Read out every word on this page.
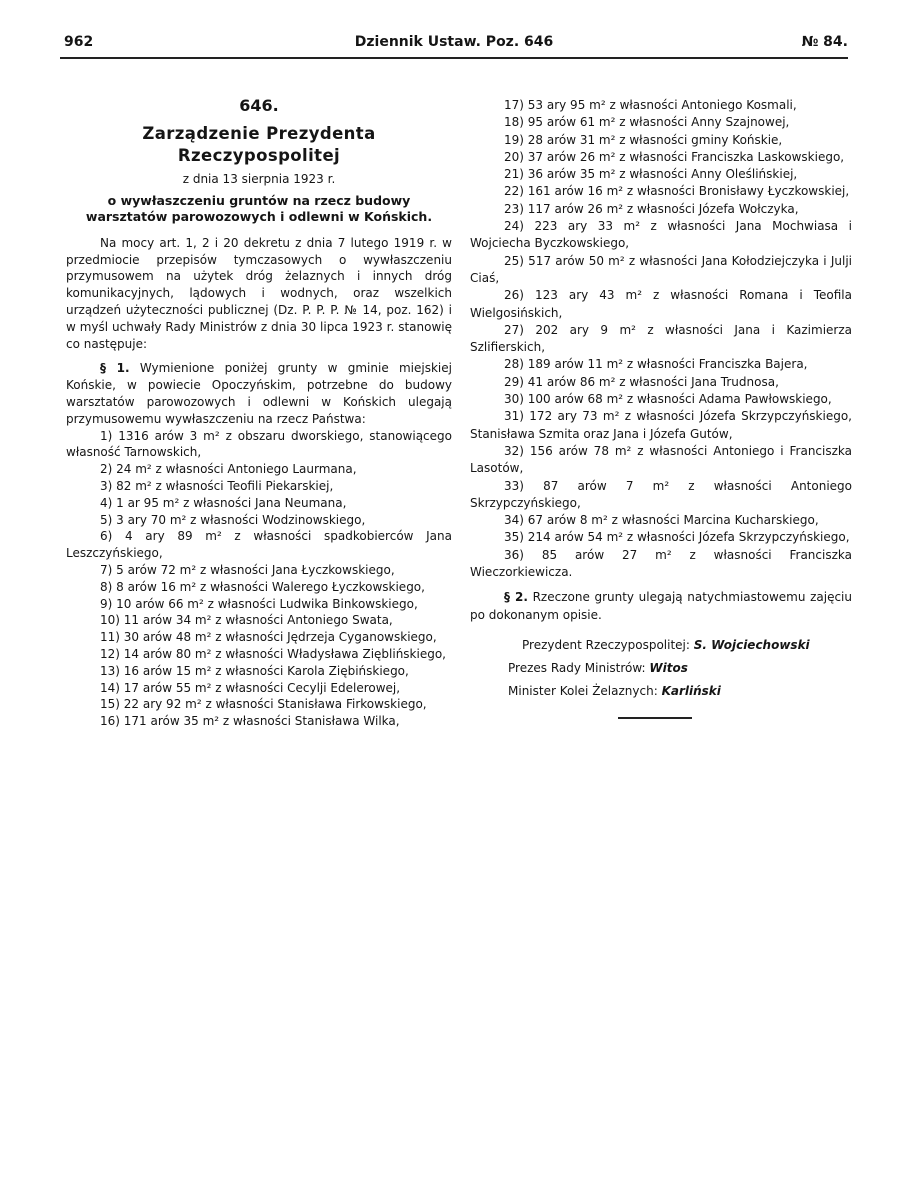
962	Dziennik Ustaw. Poz. 646	№ 84.
646.
Zarządzenie Prezydenta Rzeczypospolitej
z dnia 13 sierpnia 1923 r.
o wywłaszczeniu gruntów na rzecz budowy warsztatów parowozowych i odlewni w Końskich.

Na mocy art. 1, 2 i 20 dekretu z dnia 7 lutego 1919 r. w przedmiocie przepisów tymczasowych o wywłaszczeniu przymusowem na użytek dróg żelaznych i innych dróg komunikacyjnych, lądowych i wodnych, oraz wszelkich urządzeń użyteczności publicznej (Dz. P. P. P. № 14, poz. 162) i w myśl uchwały Rady Ministrów z dnia 30 lipca 1923 r. stanowię co następuje:

§ 1. Wymienione poniżej grunty w gminie miejskiej Końskie, w powiecie Opoczyńskim, potrzebne do budowy warsztatów parowozowych i odlewni w Końskich ulegają przymusowemu wywłaszczeniu na rzecz Państwa:

1) 1316 arów 3 m² z obszaru dworskiego, stanowiącego własność Tarnowskich,

2) 24 m² z własności Antoniego Laurmana,

3) 82 m² z własności Teofili Piekarskiej,

4) 1 ar 95 m² z własności Jana Neumana,

5) 3 ary 70 m² z własności Wodzinowskiego,

6) 4 ary 89 m² z własności spadkobierców Jana Leszczyńskiego,

7) 5 arów 72 m² z własności Jana Łyczkowskiego,

8) 8 arów 16 m² z własności Walerego Łyczkowskiego,

9) 10 arów 66 m² z własności Ludwika Binkowskiego,

10) 11 arów 34 m² z własności Antoniego Swata,

11) 30 arów 48 m² z własności Jędrzeja Cyganowskiego,

12) 14 arów 80 m² z własności Władysława Zięblińskiego,

13) 16 arów 15 m² z własności Karola Ziębińskiego,

14) 17 arów 55 m² z własności Cecylji Edelerowej,

15) 22 ary 92 m² z własności Stanisława Firkowskiego,

16) 171 arów 35 m² z własności Stanisława Wilka,

17) 53 ary 95 m² z własności Antoniego Kosmali,

18) 95 arów 61 m² z własności Anny Szajnowej,

19) 28 arów 31 m² z własności gminy Końskie,

20) 37 arów 26 m² z własności Franciszka Laskowskiego,

21) 36 arów 35 m² z własności Anny Oleślińskiej,

22) 161 arów 16 m² z własności Bronisławy Łyczkowskiej,

23) 117 arów 26 m² z własności Józefa Wołczyka,

24) 223 ary 33 m² z własności Jana Mochwiasa i Wojciecha Byczkowskiego,

25) 517 arów 50 m² z własności Jana Kołodziejczyka i Julji Ciaś,

26) 123 ary 43 m² z własności Romana i Teofila Wielgosińskich,

27) 202 ary 9 m² z własności Jana i Kazimierza Szlifierskich,

28) 189 arów 11 m² z własności Franciszka Bajera,

29) 41 arów 86 m² z własności Jana Trudnosa,

30) 100 arów 68 m² z własności Adama Pawłowskiego,

31) 172 ary 73 m² z własności Józefa Skrzypczyńskiego, Stanisława Szmita oraz Jana i Józefa Gutów,

32) 156 arów 78 m² z własności Antoniego i Franciszka Lasotów,

33) 87 arów 7 m² z własności Antoniego Skrzypczyńskiego,

34) 67 arów 8 m² z własności Marcina Kucharskiego,

35) 214 arów 54 m² z własności Józefa Skrzypczyńskiego,

36) 85 arów 27 m² z własności Franciszka Wieczorkiewicza.

§ 2. Rzeczone grunty ulegają natychmiastowemu zajęciu po dokonanym opisie.

Prezydent Rzeczypospolitej: S. Wojciechowski

Prezes Rady Ministrów: Witos

Minister Kolei Żelaznych: Karliński
